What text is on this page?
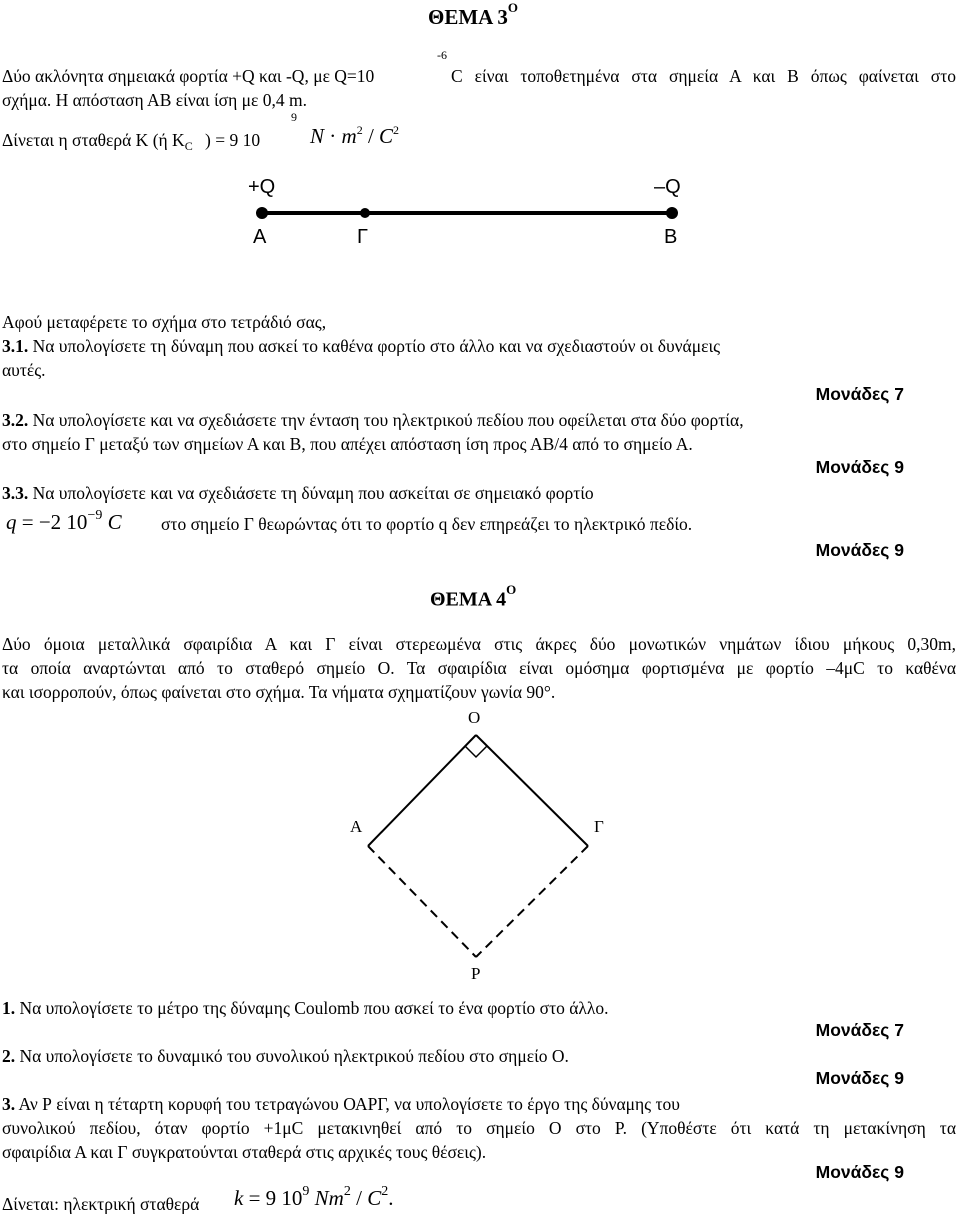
ΘΕΜΑ $3^O$
-6
Δύο ακλόνητα σημειακά φορτία +Q και -Q, με Q=10	C είναι τοποθετημένα στα σημεία Α και Β όπως φαίνεται στο
σχήμα. Η απόσταση ΑΒ είναι ίση με 0,4 m.
Δίνεται η σταθερά Κ (ή $K_C$ ) = 9 10
9
$N \cdot m^2 / C^2$
+Q	–Q
Α	Γ	Β
Αφού μεταφέρετε το σχήμα στο τετράδιό σας,
3.1. Να υπολογίσετε τη δύναμη που ασκεί το καθένα φορτίο στο άλλο και να σχεδιαστούν οι δυνάμεις
αυτές.
Μονάδες 7
3.2. Να υπολογίσετε και να σχεδιάσετε την ένταση του ηλεκτρικού πεδίου που οφείλεται στα δύο φορτία,
στο σημείο Γ μεταξύ των σημείων Α και Β, που απέχει απόσταση ίση προς ΑΒ/4 από το σημείο Α.
Μονάδες 9
3.3. Να υπολογίσετε και να σχεδιάσετε τη δύναμη που ασκείται σε σημειακό φορτίο
q = −2 $10^{-9}$ C στο σημείο Γ θεωρώντας ότι το φορτίο q δεν επηρεάζει το ηλεκτρικό πεδίο.
Μονάδες 9
ΘΕΜΑ $4^O$
Δύο όμοια μεταλλικά σφαιρίδια Α και Γ είναι στερεωμένα στις άκρες δύο μονωτικών νημάτων ίδιου μήκους 0,30m,
τα οποία αναρτώνται από το σταθερό σημείο Ο. Τα σφαιρίδια είναι ομόσημα φορτισμένα με φορτίο –4μC το καθένα
και ισορροπούν, όπως φαίνεται στο σχήμα. Τα νήματα σχηματίζουν γωνία 90°.
O
Α	Γ
P
1. Να υπολογίσετε το μέτρο της δύναμης Coulomb που ασκεί το ένα φορτίο στο άλλο.
Μονάδες 7
2. Να υπολογίσετε το δυναμικό του συνολικού ηλεκτρικού πεδίου στο σημείο Ο.
Μονάδες 9
3. Αν Ρ είναι η τέταρτη κορυφή του τετραγώνου ΟΑΡΓ, να υπολογίσετε το έργο της δύναμης του
συνολικού πεδίου, όταν φορτίο +1μC μετακινηθεί από το σημείο Ο στο Ρ. (Υποθέστε ότι κατά τη μετακίνηση τα
σφαιρίδια Α και Γ συγκρατούνται σταθερά στις αρχικές τους θέσεις).
Μονάδες 9
Δίνεται: ηλεκτρική σταθερά k = 9 $10^9$ $Nm^2 / C^2$.
